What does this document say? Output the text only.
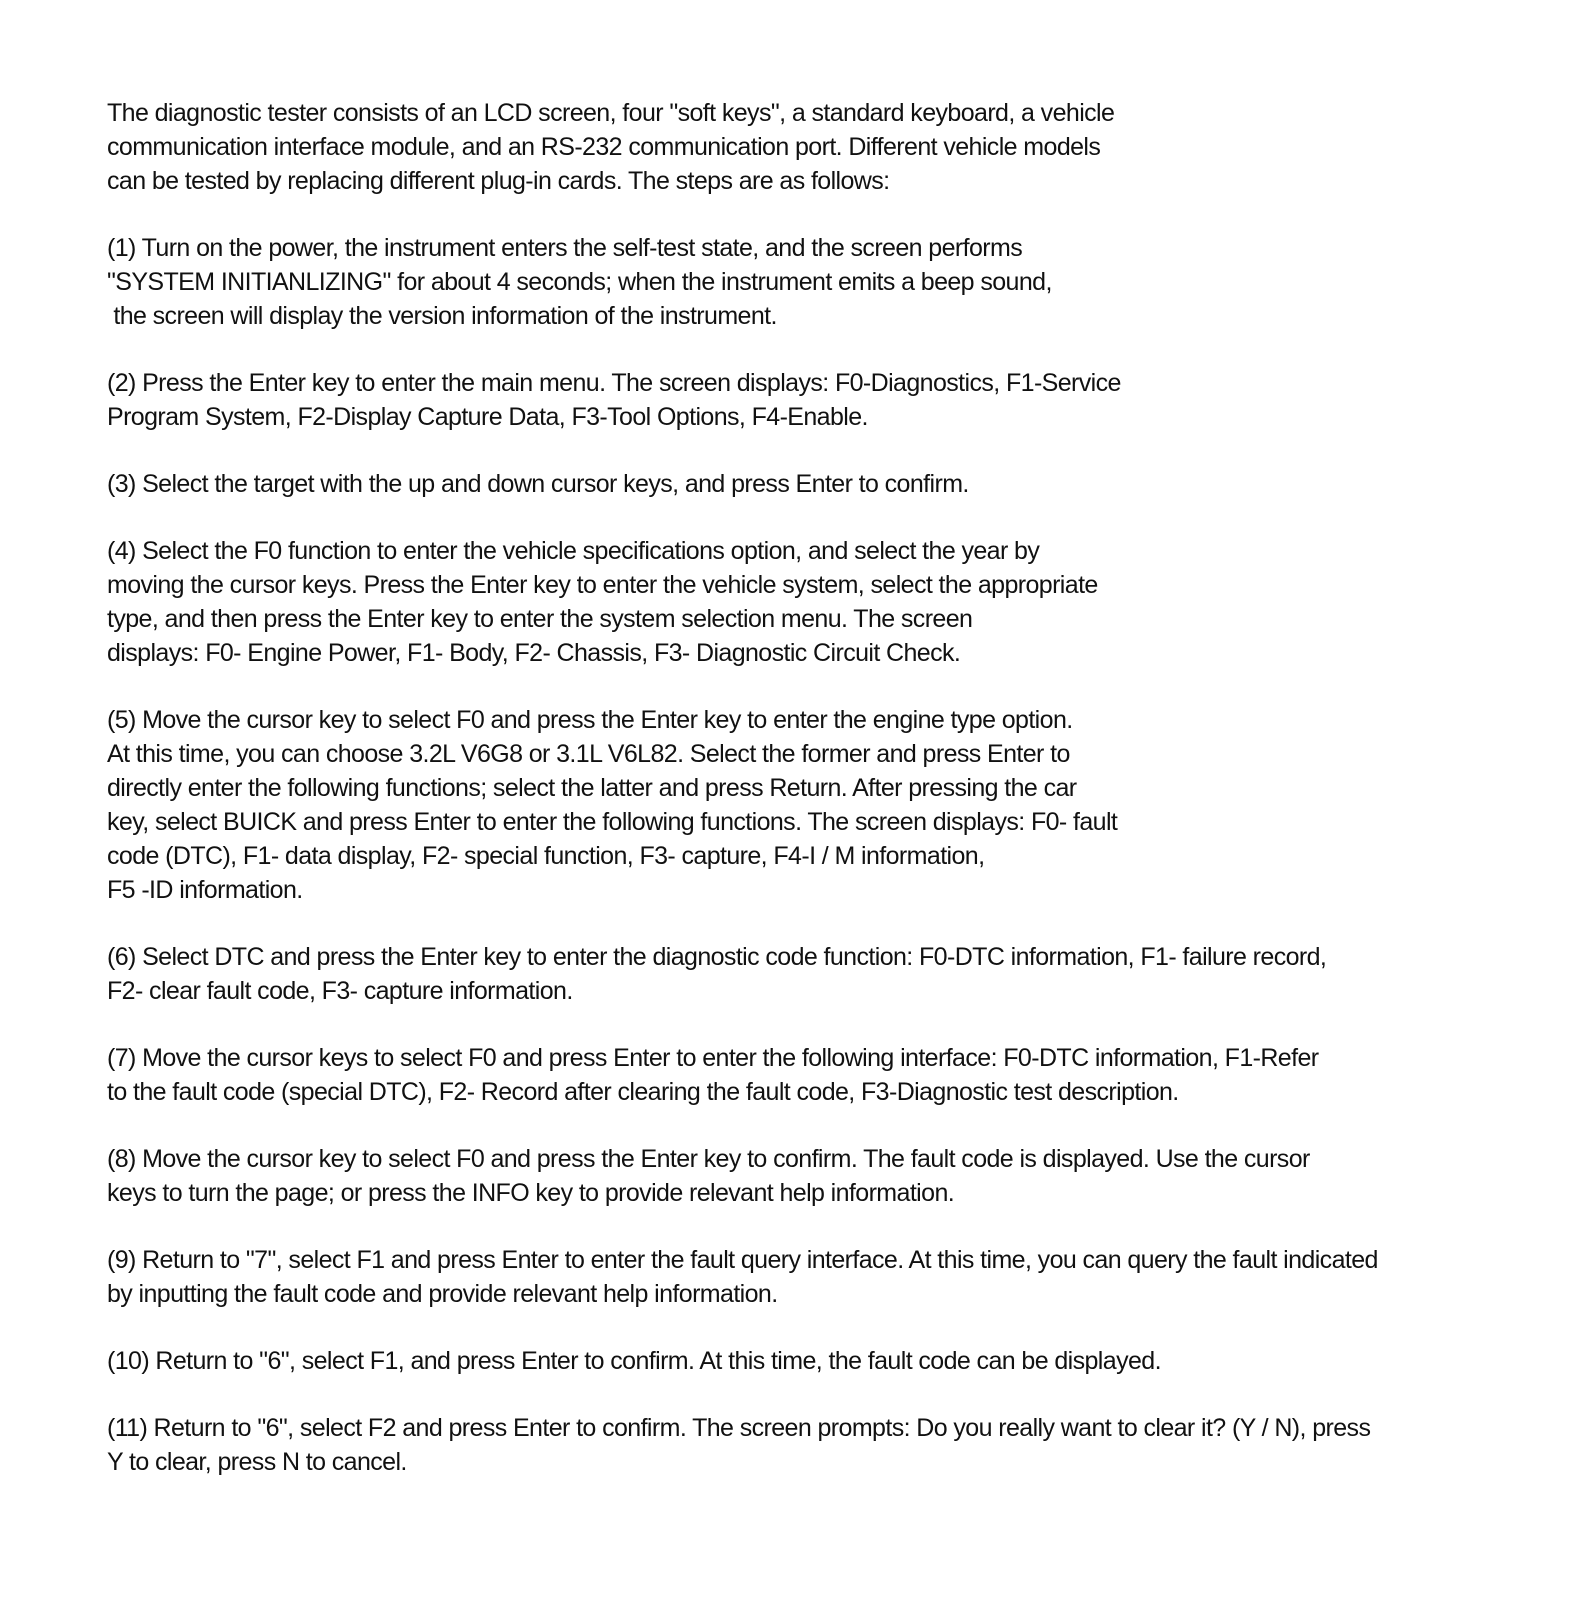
The diagnostic tester consists of an LCD screen, four "soft keys", a standard keyboard, a vehicle
communication interface module, and an RS-232 communication port. Different vehicle models
can be tested by replacing different plug-in cards. The steps are as follows:

(1) Turn on the power, the instrument enters the self-test state, and the screen performs
"SYSTEM INITIANLIZING" for about 4 seconds; when the instrument emits a beep sound,
the screen will display the version information of the instrument.

(2) Press the Enter key to enter the main menu. The screen displays: F0-Diagnostics, F1-Service
Program System, F2-Display Capture Data, F3-Tool Options, F4-Enable.

(3) Select the target with the up and down cursor keys, and press Enter to confirm.

(4) Select the F0 function to enter the vehicle specifications option, and select the year by
moving the cursor keys. Press the Enter key to enter the vehicle system, select the appropriate
type, and then press the Enter key to enter the system selection menu. The screen
displays: F0- Engine Power, F1- Body, F2- Chassis, F3- Diagnostic Circuit Check.

(5) Move the cursor key to select F0 and press the Enter key to enter the engine type option.
At this time, you can choose 3.2L V6G8 or 3.1L V6L82. Select the former and press Enter to
directly enter the following functions; select the latter and press Return. After pressing the car
key, select BUICK and press Enter to enter the following functions. The screen displays: F0- fault
code (DTC), F1- data display, F2- special function, F3- capture, F4-I / M information,
F5 -ID information.

(6) Select DTC and press the Enter key to enter the diagnostic code function: F0-DTC information, F1- failure record,
F2- clear fault code, F3- capture information.

(7) Move the cursor keys to select F0 and press Enter to enter the following interface: F0-DTC information, F1-Refer
to the fault code (special DTC), F2- Record after clearing the fault code, F3-Diagnostic test description.

(8) Move the cursor key to select F0 and press the Enter key to confirm. The fault code is displayed. Use the cursor
keys to turn the page; or press the INFO key to provide relevant help information.

(9) Return to "7", select F1 and press Enter to enter the fault query interface. At this time, you can query the fault indicated
by inputting the fault code and provide relevant help information.

(10) Return to "6", select F1, and press Enter to confirm. At this time, the fault code can be displayed.

(11) Return to "6", select F2 and press Enter to confirm. The screen prompts: Do you really want to clear it? (Y / N), press
Y to clear, press N to cancel.
